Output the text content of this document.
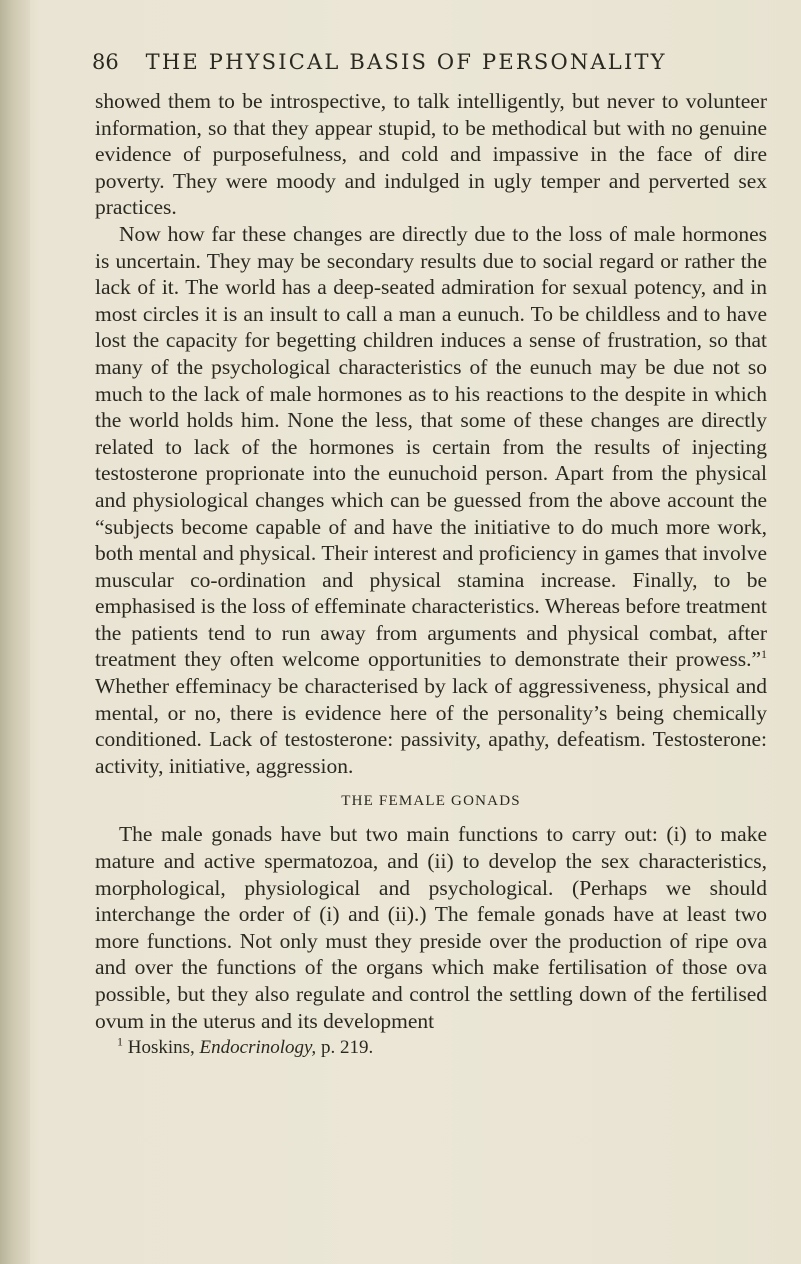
86 THE PHYSICAL BASIS OF PERSONALITY

showed them to be introspective, to talk intelligently, but never to volunteer information, so that they appear stupid, to be methodical but with no genuine evidence of purposefulness, and cold and impassive in the face of dire poverty. They were moody and indulged in ugly temper and perverted sex practices.

Now how far these changes are directly due to the loss of male hormones is uncertain. They may be secondary results due to social regard or rather the lack of it. The world has a deep-seated admiration for sexual potency, and in most circles it is an insult to call a man a eunuch. To be childless and to have lost the capacity for begetting children induces a sense of frustration, so that many of the psychological characteristics of the eunuch may be due not so much to the lack of male hormones as to his reactions to the despite in which the world holds him. None the less, that some of these changes are directly related to lack of the hormones is certain from the results of injecting testosterone proprionate into the eunuchoid person. Apart from the physical and physiological changes which can be guessed from the above account the “subjects become capable of and have the initiative to do much more work, both mental and physical. Their interest and proficiency in games that involve muscular co-ordination and physical stamina increase. Finally, to be emphasised is the loss of effeminate characteristics. Whereas before treatment the patients tend to run away from arguments and physical combat, after treatment they often welcome opportunities to demonstrate their prowess.”$^1$ Whether effeminacy be characterised by lack of aggressiveness, physical and mental, or no, there is evidence here of the personality’s being chemically conditioned. Lack of testosterone: passivity, apathy, defeatism. Testosterone: activity, initiative, aggression.

THE FEMALE GONADS

The male gonads have but two main functions to carry out: (i) to make mature and active spermatozoa, and (ii) to develop the sex characteristics, morphological, physiological and psychological. (Perhaps we should interchange the order of (i) and (ii).) The female gonads have at least two more functions. Not only must they preside over the production of ripe ova and over the functions of the organs which make fertilisation of those ova possible, but they also regulate and control the settling down of the fertilised ovum in the uterus and its development

$^1$ Hoskins, Endocrinology, p. 219.
